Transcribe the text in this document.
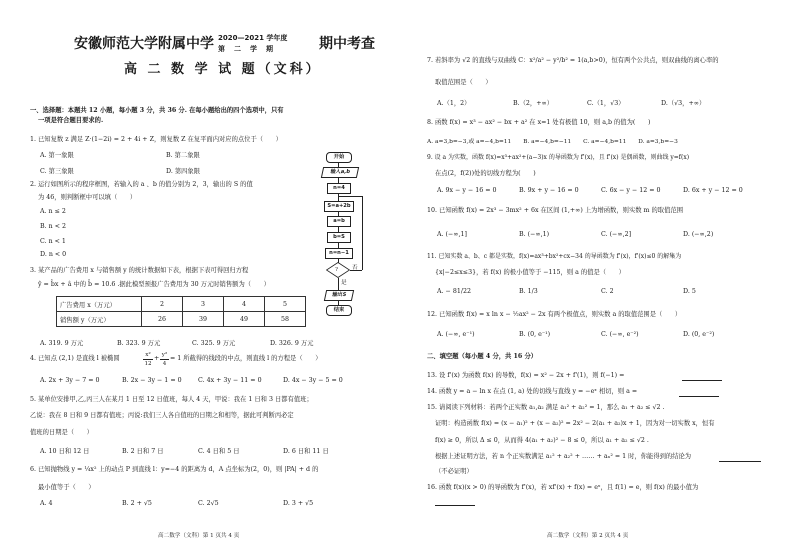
安徽师范大学附属中学 2020—2021 学年度
第　二　学　期	期中考查
高 二 数 学 试 题（文科）
一、选择题：本题共 12 小题，每小题 3 分，共 36 分. 在每小题给出的四个选项中，只有
一项是符合题目要求的.
1. 已知复数 z 满足 Z·(1−2i) = 2 + 4i + Z，则复数 Z 在复平面内对应的点位于（　　）
A. 第一象限	B. 第二象限
C. 第三象限	D. 第四象限
2. 运行如图所示的程序框图，若输入的 a 、b 的值分别为 2，3，输出的 S 的值
为 46，则判断框中可以填（　　）
A. n ≤ 2
B. n < 2
C. n < 1
D. n < 0
开始
输入a,b
n=4
S=a+2b
a=b
b=S
n=n−1
?
是
否
输出S
结束
3. 某产品的广告费用 x 与销售额 y 的统计数据如下表，根据下表可得回归方程
ŷ = b̂x + â 中的 b̂ = 10.6 .据此模型预报广告费用为 30 万元时销售额为（　　）
广告费用 x（万元）	2	3	4	5
销售额 y（万元）	26	39	49	58
A. 319. 9 万元	B. 323. 9 万元	C. 325. 9 万元	D. 326. 9 万元
4. 已知点 (2,1) 是直线 l 被椭圆	x²
12
+ y²
4
= 1 所截得的线段的中点，则直线 l 的方程是（　　）
A. 2x + 3y − 7 = 0	B. 2x − 3y − 1 = 0	C. 4x + 3y − 11 = 0	D. 4x − 3y − 5 = 0
5. 某单位安排甲,乙,丙三人在某月 1 日至 12 日值班，每人 4 天，甲说：我在 1 日和 3 日都有值班；
乙说：我在 8 日和 9 日都有值班；丙说:我们三人各自值班的日期之和相等，据此可判断丙必定
值班的日期是（　　）
A. 10 日和 12 日	B. 2 日和 7 日	C. 4 日和 5 日	D. 6 日和 11 日
6. 已知抛物线 y = ¼x² 上的动点 P 到直线 l：y=−4 的距离为 d，A 点坐标为(2，0)，则 |PA| + d 的
最小值等于（　　）
A. 4	B. 2 + √5	C. 2√5	D. 3 + √5
高二数学（文科）第 1 页共 4 页
7. 若斜率为 √2 的直线与双曲线 C：x²/a² − y²/b² = 1(a,b>0)，恒有两个公共点，则双曲线的离心率的
取值范围是（　　）
A.（1，2）	B.（2，+∞）	C.（1，√3）	D.（√3，+∞）
8. 函数 f(x) = x³ − ax² − bx + a² 在 x=1 处有极值 10，则 a,b 的值为(　　)
A. a=3,b=−3,或 a=−4,b=11　　B. a=−4,b=−11　　C. a=−4,b=11　　D. a=3,b=−3
9. 设 a 为实数，函数 f(x)=x³+ax²+(a−3)x 的导函数为 f'(x)，且 f'(x) 是偶函数，则曲线 y=f(x)
在点(2，f(2))处的切线方程为(　　)
A. 9x − y − 16 = 0	B. 9x + y − 16 = 0	C. 6x − y − 12 = 0	D. 6x + y − 12 = 0
10. 已知函数 f(x) = 2x³ − 3mx² + 6x 在区间 (1,+∞) 上为增函数，则实数 m 的取值范围
A. (−∞,1]	B. (−∞,1)	C. (−∞,2]	D. (−∞,2)
11. 已知实数 a、b、c 都是实数，f(x)=ax³+bx²+cx−34 的导函数为 f'(x)，f'(x)≤0 的解集为
{x|−2≤x≤3}，若 f(x) 的极小值等于 −115，则 a 的值是（　　）
A. − 81/22	B. 1/3	C. 2	D. 5
12. 已知函数 f(x) = x ln x − ½ax² − 2x 有两个极值点，则实数 a 的取值范围是（　　）
A. (−∞, e⁻¹)	B. (0, e⁻¹)	C. (−∞, e⁻²)	D. (0, e⁻²)
二、填空题（每小题 4 分，共 16 分）
13. 设 f'(x) 为函数 f(x) 的导数，f(x) = x² − 2x + f'(1)，则 f(−1) =
14. 函数 y = a − ln x 在点 (1, a) 处的切线与直线 y = −eˣ 相切，则 a =
15. 请阅读下列材料：若两个正实数 a₁,a₂ 满足 a₁² + a₂² = 1，那么 a₁ + a₂ ≤ √2 .
证明：构造函数 f(x) = (x − a₁)² + (x − a₂)² = 2x² − 2(a₁ + a₂)x + 1，因为对一切实数 x，恒有
f(x) ≥ 0，所以 Δ ≤ 0，从而得 4(a₁ + a₂)² − 8 ≤ 0，所以 a₁ + a₂ ≤ √2 .
根据上述证明方法，若 n 个正实数满足 a₁² + a₂² + …… + aₙ² = 1 时，你能得到的结论为
（不必证明）
16. 函数 f(x)(x > 0) 的导函数为 f'(x)，若 xf'(x) + f(x) = eˣ，且 f(1) = e，则 f(x) 的最小值为
高二数学（文科）第 2 页共 4 页
